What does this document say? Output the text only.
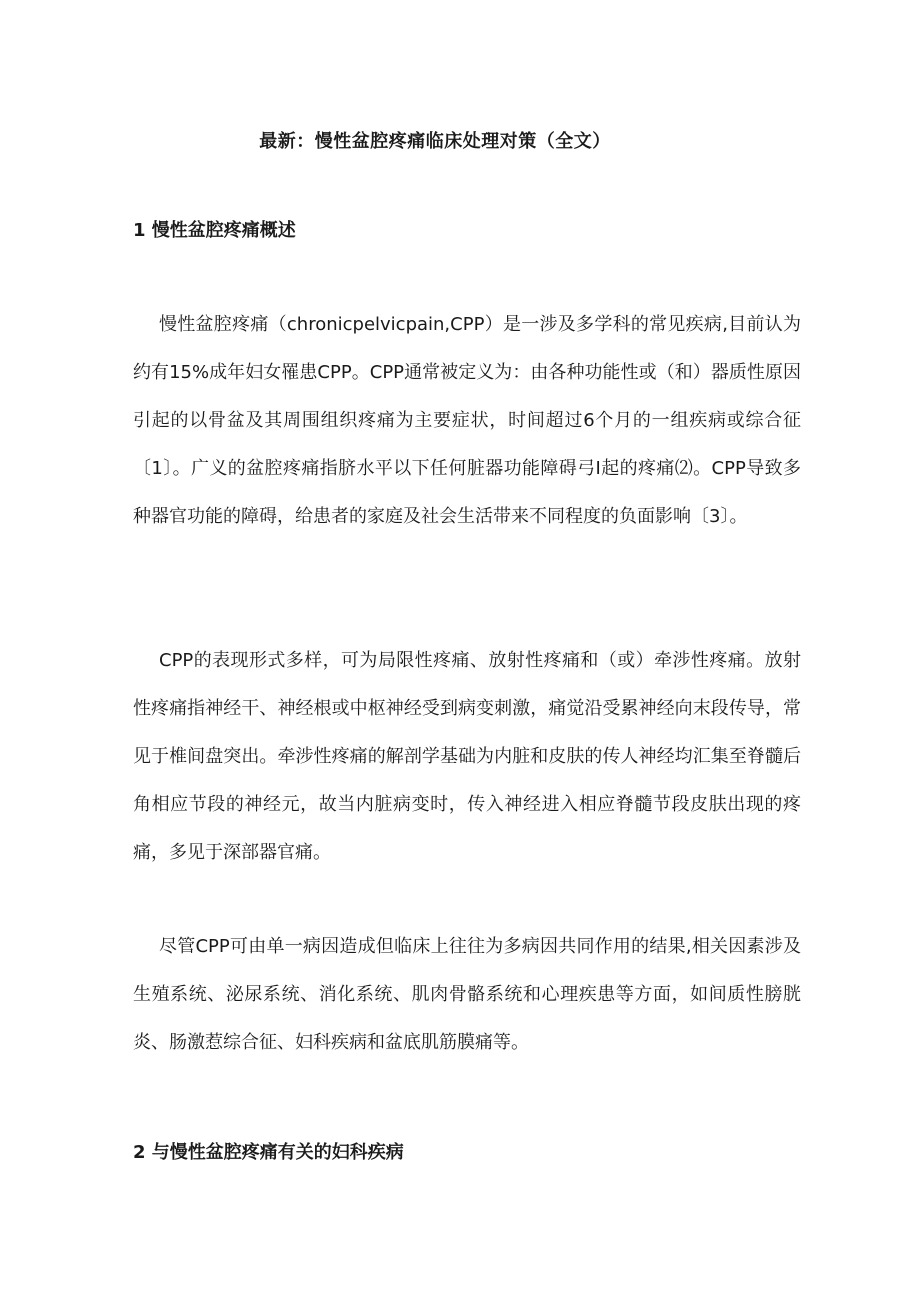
最新：慢性盆腔疼痛临床处理对策（全文）
1 慢性盆腔疼痛概述

慢性盆腔疼痛（chronicpelvicpain,CPP）是一涉及多学科的常见疾病,目前认为约有15%成年妇女罹患CPP。CPP通常被定义为：由各种功能性或（和）器质性原因引起的以骨盆及其周围组织疼痛为主要症状，时间超过6个月的一组疾病或综合征〔1〕。广义的盆腔疼痛指脐水平以下任何脏器功能障碍弓I起的疼痛⑵。CPP导致多种器官功能的障碍，给患者的家庭及社会生活带来不同程度的负面影响〔3〕。

CPP的表现形式多样，可为局限性疼痛、放射性疼痛和（或）牵涉性疼痛。放射性疼痛指神经干、神经根或中枢神经受到病变刺激，痛觉沿受累神经向末段传导，常见于椎间盘突出。牵涉性疼痛的解剖学基础为内脏和皮肤的传人神经均汇集至脊髓后角相应节段的神经元，故当内脏病变时，传入神经进入相应脊髓节段皮肤出现的疼痛，多见于深部器官痛。

尽管CPP可由单一病因造成但临床上往往为多病因共同作用的结果,相关因素涉及生殖系统、泌尿系统、消化系统、肌肉骨骼系统和心理疾患等方面，如间质性膀胱炎、肠激惹综合征、妇科疾病和盆底肌筋膜痛等。

2 与慢性盆腔疼痛有关的妇科疾病
